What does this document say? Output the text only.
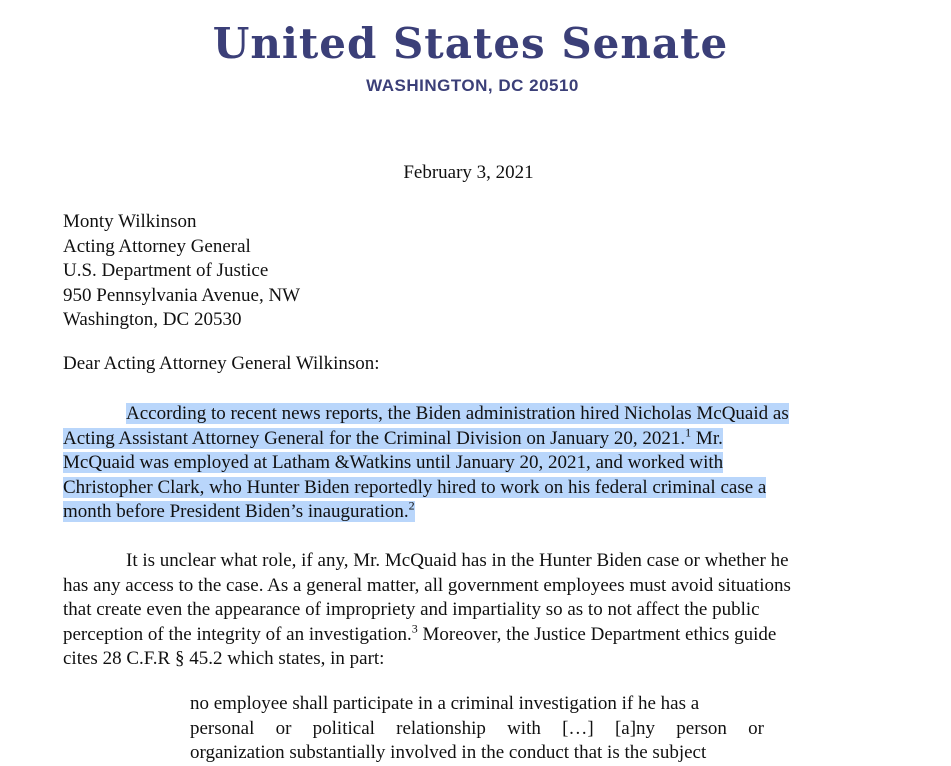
United States Senate
WASHINGTON, DC 20510
February 3, 2021
Monty Wilkinson
Acting Attorney General
U.S. Department of Justice
950 Pennsylvania Avenue, NW
Washington, DC 20530
Dear Acting Attorney General Wilkinson:
According to recent news reports, the Biden administration hired Nicholas McQuaid as
Acting Assistant Attorney General for the Criminal Division on January 20, 2021.$^1$ Mr.
McQuaid was employed at Latham &Watkins until January 20, 2021, and worked with
Christopher Clark, who Hunter Biden reportedly hired to work on his federal criminal case a
month before President Biden’s inauguration.$^2$
It is unclear what role, if any, Mr. McQuaid has in the Hunter Biden case or whether he
has any access to the case. As a general matter, all government employees must avoid situations
that create even the appearance of impropriety and impartiality so as to not affect the public
perception of the integrity of an investigation.$^3$ Moreover, the Justice Department ethics guide
cites 28 C.F.R § 45.2 which states, in part:
no employee shall participate in a criminal investigation if he has a
personal or political relationship with […] [a]ny person or
organization substantially involved in the conduct that is the subject
